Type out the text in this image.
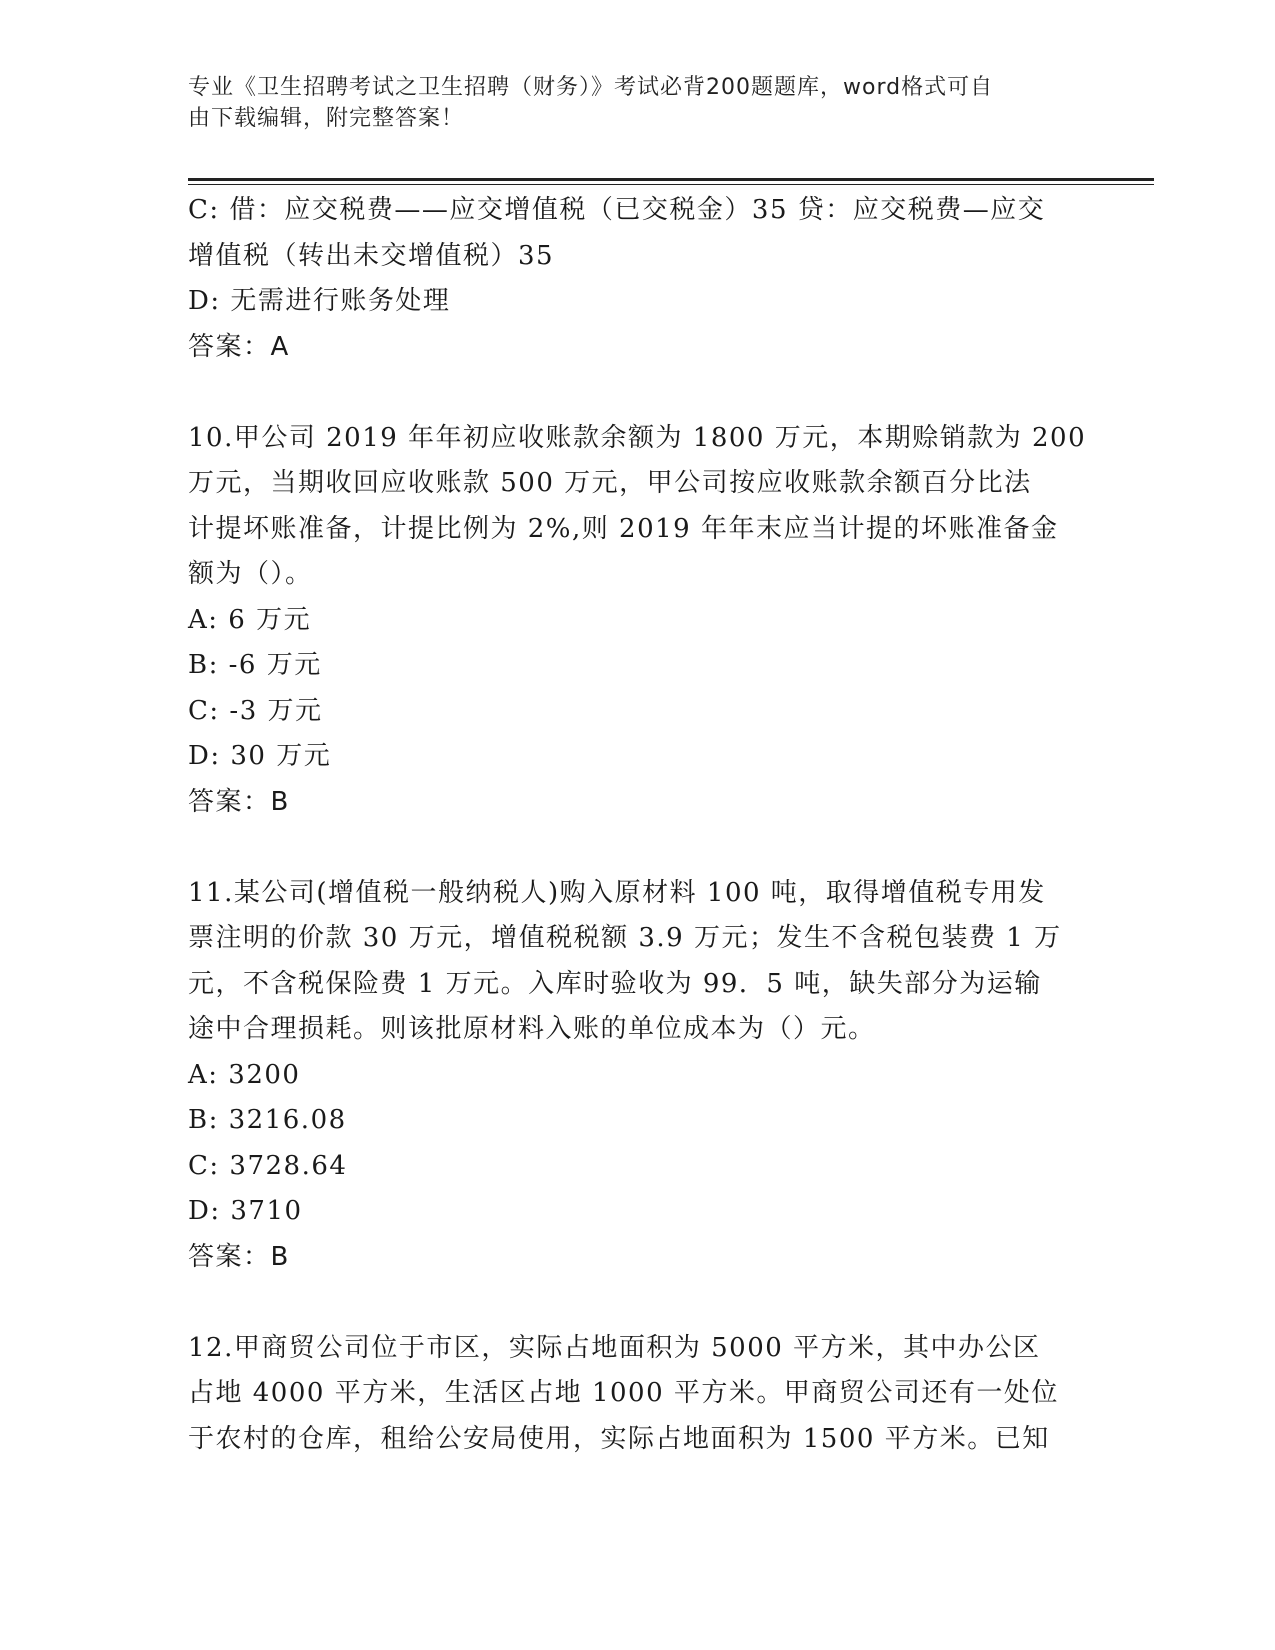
专业《卫生招聘考试之卫生招聘（财务）》考试必背200题题库，word格式可自
由下载编辑，附完整答案！
C: 借：应交税费——应交增值税（已交税金）35 贷：应交税费—应交
增值税（转出未交增值税）35
D: 无需进行账务处理
答案：A
10.甲公司 2019 年年初应收账款余额为 1800 万元，本期赊销款为 200
万元，当期收回应收账款 500 万元，甲公司按应收账款余额百分比法
计提坏账准备，计提比例为 2%,则 2019 年年末应当计提的坏账准备金
额为（）。
A: 6 万元
B: -6 万元
C: -3 万元
D: 30 万元
答案：B
11.某公司(增值税一般纳税人)购入原材料 100 吨，取得增值税专用发
票注明的价款 30 万元，增值税税额 3.9 万元；发生不含税包装费 1 万
元，不含税保险费 1 万元。入库时验收为 99．5 吨，缺失部分为运输
途中合理损耗。则该批原材料入账的单位成本为（）元。
A: 3200
B: 3216.08
C: 3728.64
D: 3710
答案：B
12.甲商贸公司位于市区，实际占地面积为 5000 平方米，其中办公区
占地 4000 平方米，生活区占地 1000 平方米。甲商贸公司还有一处位
于农村的仓库，租给公安局使用，实际占地面积为 1500 平方米。已知
